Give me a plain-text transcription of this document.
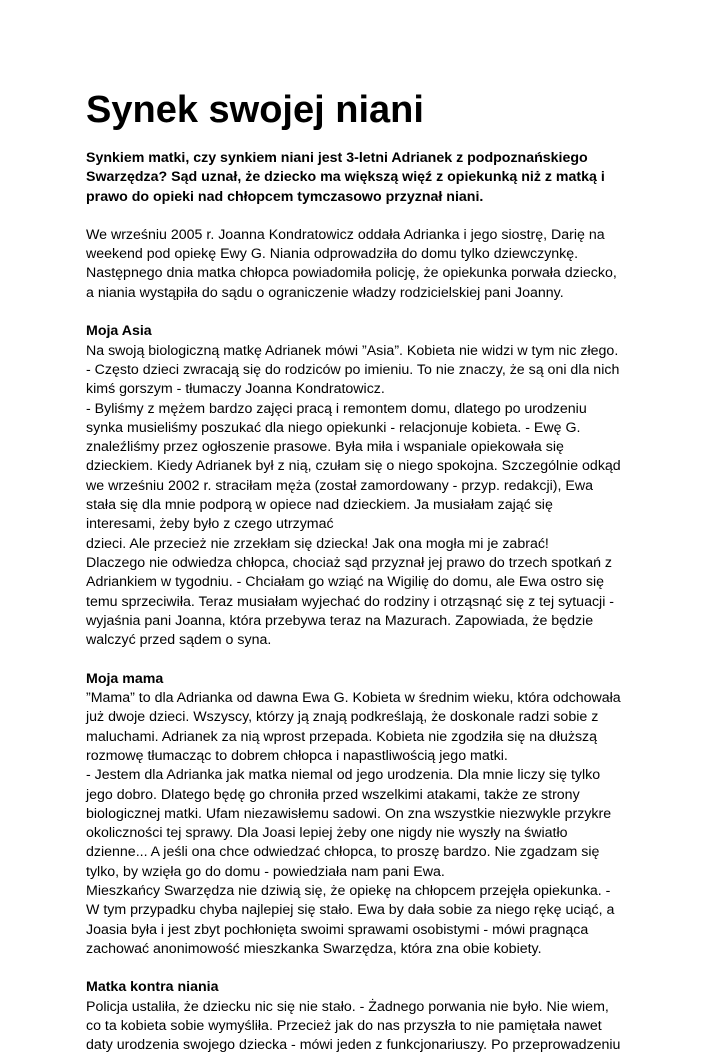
Synek swojej niani
Synkiem matki, czy synkiem niani jest 3-letni Adrianek z podpoznańskiego
Swarzędza? Sąd uznał, że dziecko ma większą więź z opiekunką niż z matką i
prawo do opieki nad chłopcem tymczasowo przyznał niani.

We wrześniu 2005 r. Joanna Kondratowicz oddała Adrianka i jego siostrę, Darię na
weekend pod opiekę Ewy G. Niania odprowadziła do domu tylko dziewczynkę.
Następnego dnia matka chłopca powiadomiła policję, że opiekunka porwała dziecko,
a niania wystąpiła do sądu o ograniczenie władzy rodzicielskiej pani Joanny.

Moja Asia

Na swoją biologiczną matkę Adrianek mówi ”Asia”. Kobieta nie widzi w tym nic złego.
- Często dzieci zwracają się do rodziców po imieniu. To nie znaczy, że są oni dla nich
kimś gorszym - tłumaczy Joanna Kondratowicz.
- Byliśmy z mężem bardzo zajęci pracą i remontem domu, dlatego po urodzeniu
synka musieliśmy poszukać dla niego opiekunki - relacjonuje kobieta. - Ewę G.
znaleźliśmy przez ogłoszenie prasowe. Była miła i wspaniale opiekowała się
dzieckiem. Kiedy Adrianek był z nią, czułam się o niego spokojna. Szczególnie odkąd
we wrześniu 2002 r. straciłam męża (został zamordowany - przyp. redakcji), Ewa
stała się dla mnie podporą w opiece nad dzieckiem. Ja musiałam zająć się
interesami, żeby było z czego utrzymać
dzieci. Ale przecież nie zrzekłam się dziecka! Jak ona mogła mi je zabrać!
Dlaczego nie odwiedza chłopca, chociaż sąd przyznał jej prawo do trzech spotkań z
Adriankiem w tygodniu. - Chciałam go wziąć na Wigilię do domu, ale Ewa ostro się
temu sprzeciwiła. Teraz musiałam wyjechać do rodziny i otrząsnąć się z tej sytuacji -
wyjaśnia pani Joanna, która przebywa teraz na Mazurach. Zapowiada, że będzie
walczyć przed sądem o syna.

Moja mama

”Mama” to dla Adrianka od dawna Ewa G. Kobieta w średnim wieku, która odchowała
już dwoje dzieci. Wszyscy, którzy ją znają podkreślają, że doskonale radzi sobie z
maluchami. Adrianek za nią wprost przepada. Kobieta nie zgodziła się na dłuższą
rozmowę tłumacząc to dobrem chłopca i napastliwością jego matki.
- Jestem dla Adrianka jak matka niemal od jego urodzenia. Dla mnie liczy się tylko
jego dobro. Dlatego będę go chroniła przed wszelkimi atakami, także ze strony
biologicznej matki. Ufam niezawisłemu sadowi. On zna wszystkie niezwykle przykre
okoliczności tej sprawy. Dla Joasi lepiej żeby one nigdy nie wyszły na światło
dzienne... A jeśli ona chce odwiedzać chłopca, to proszę bardzo. Nie zgadzam się
tylko, by wzięła go do domu - powiedziała nam pani Ewa.
Mieszkańcy Swarzędza nie dziwią się, że opiekę na chłopcem przejęła opiekunka. -
W tym przypadku chyba najlepiej się stało. Ewa by dała sobie za niego rękę uciąć, a
Joasia była i jest zbyt pochłonięta swoimi sprawami osobistymi - mówi pragnąca
zachować anonimowość mieszkanka Swarzędza, która zna obie kobiety.

Matka kontra niania

Policja ustaliła, że dziecku nic się nie stało. - Żadnego porwania nie było. Nie wiem,
co ta kobieta sobie wymyśliła. Przecież jak do nas przyszła to nie pamiętała nawet
daty urodzenia swojego dziecka - mówi jeden z funkcjonariuszy. Po przeprowadzeniu
